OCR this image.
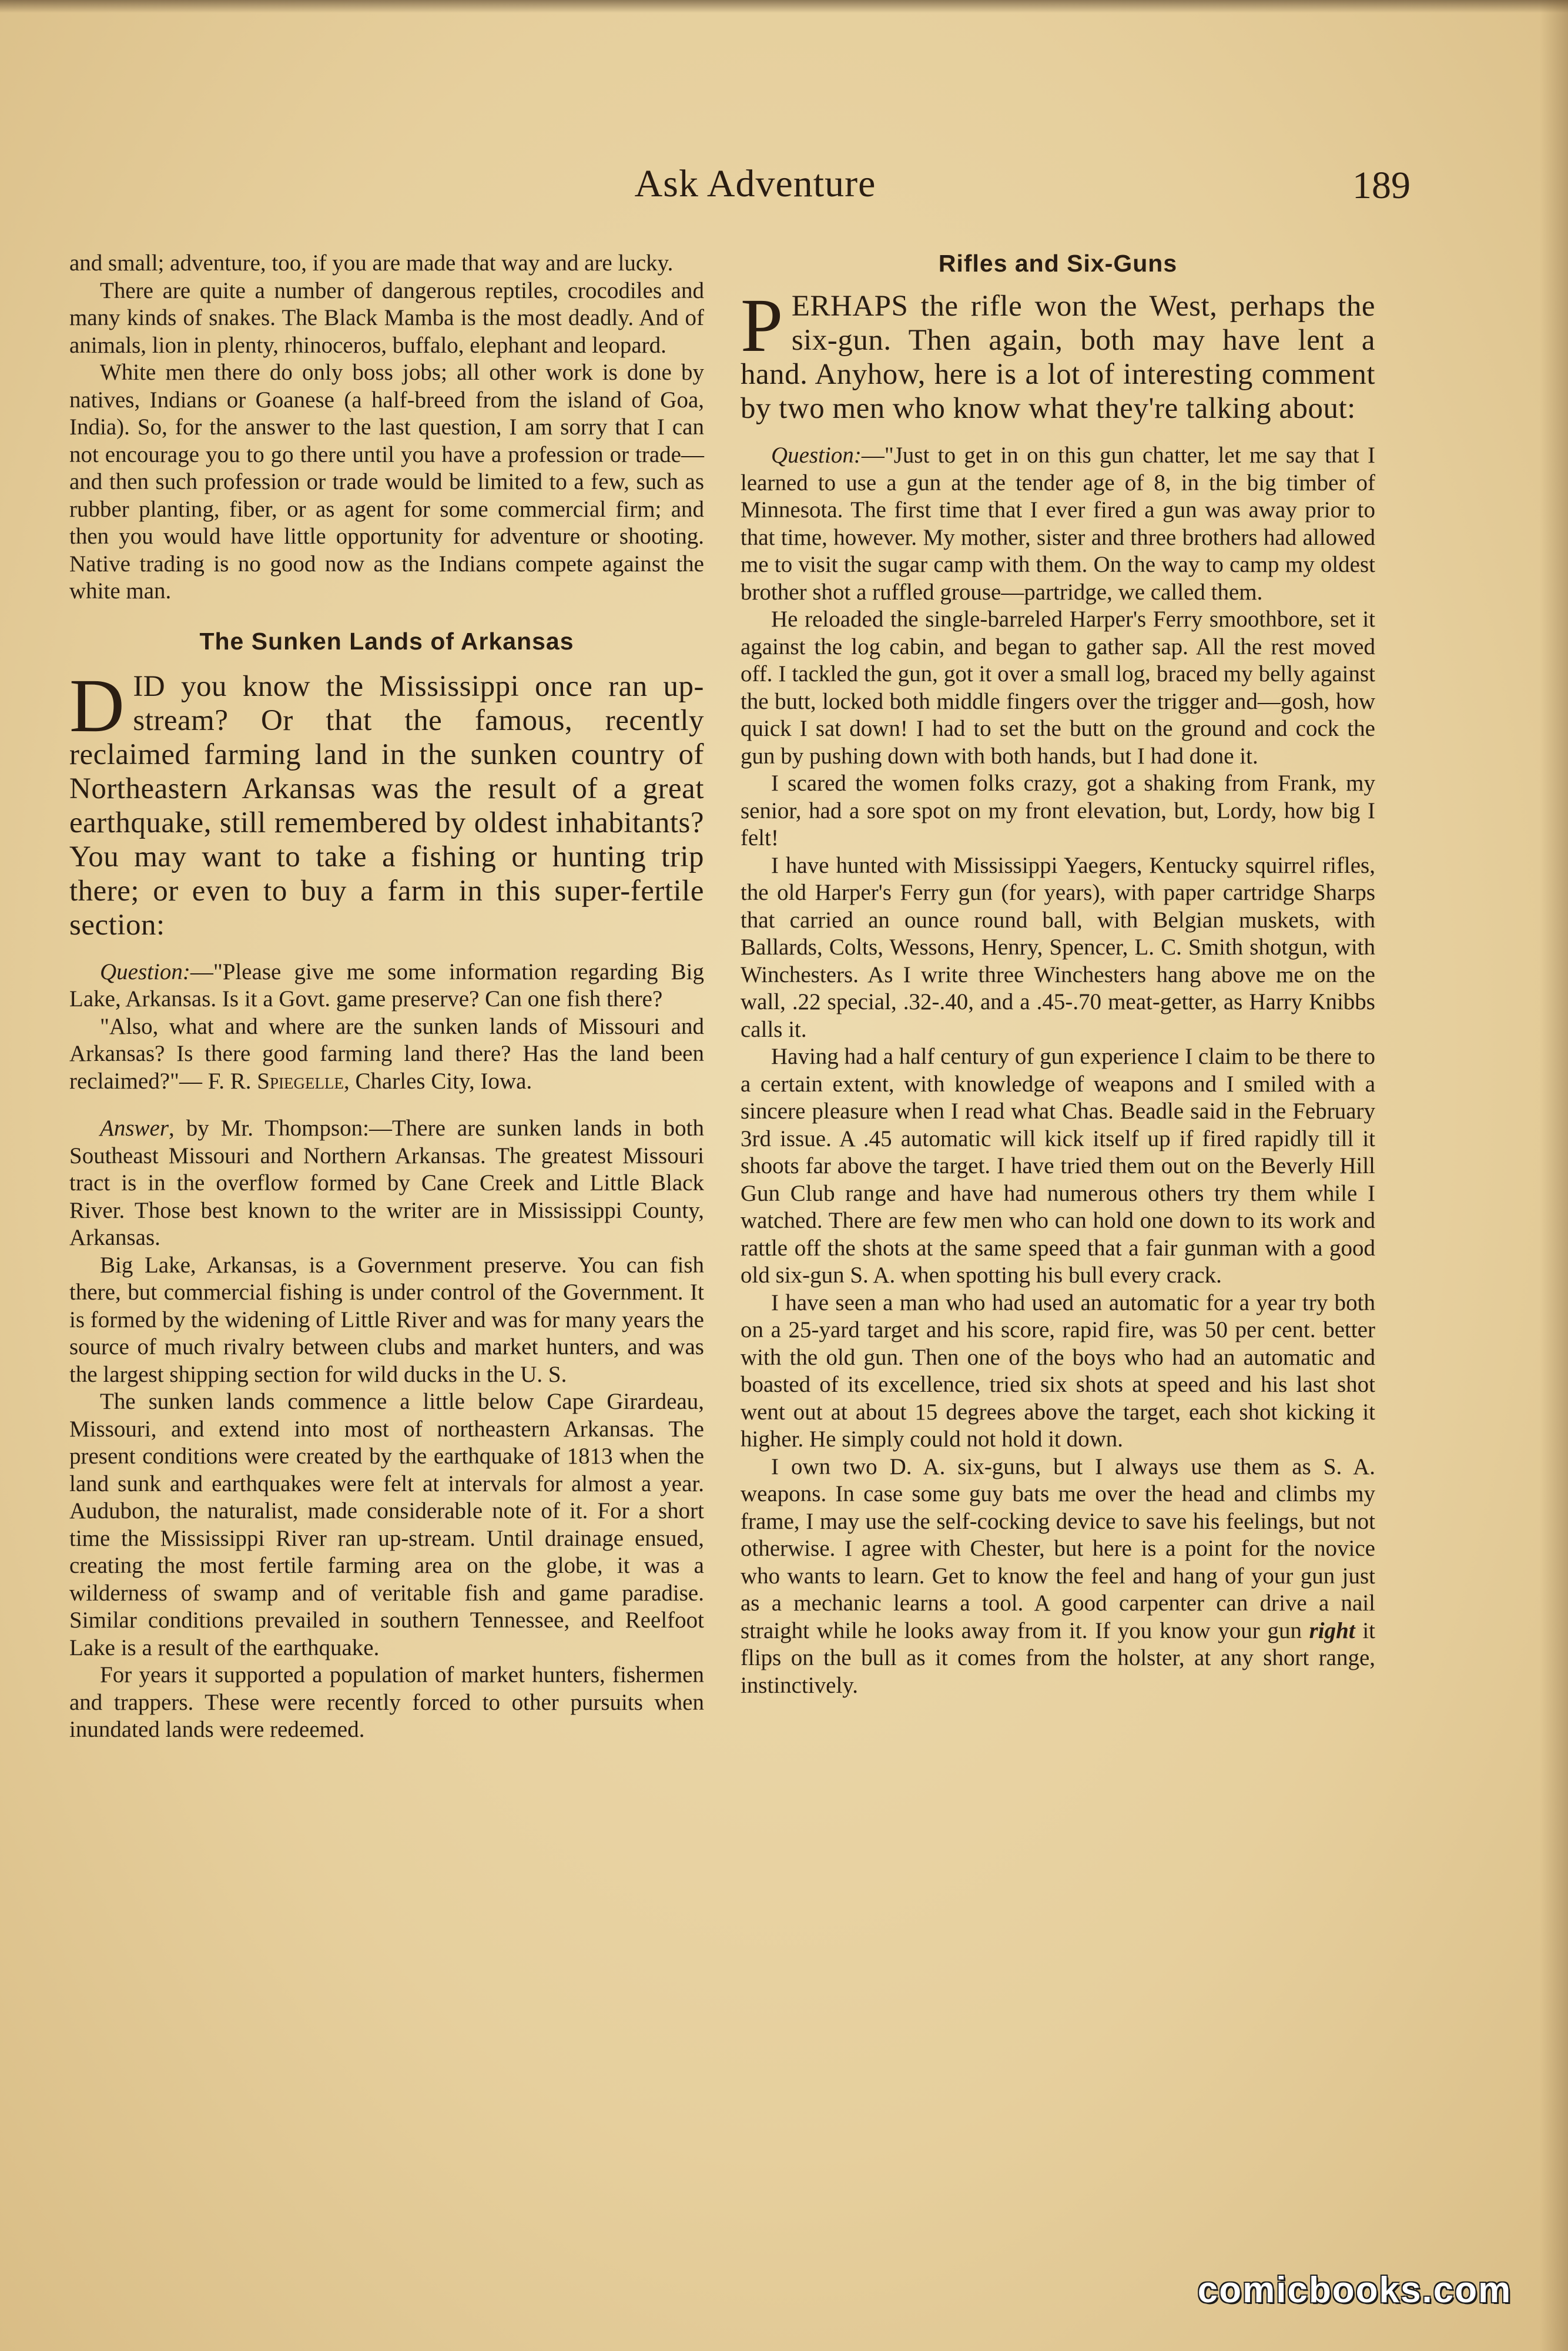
Ask Adventure	189

and small; adventure, too, if you are made that way and are lucky.

There are quite a number of dangerous reptiles, crocodiles and many kinds of snakes. The Black Mamba is the most deadly. And of animals, lion in plenty, rhinoceros, buffalo, elephant and leopard.

White men there do only boss jobs; all other work is done by natives, Indians or Goanese (a half-breed from the island of Goa, India). So, for the answer to the last question, I am sorry that I can not encourage you to go there until you have a profession or trade—and then such profession or trade would be limited to a few, such as rubber planting, fiber, or as agent for some commercial firm; and then you would have little opportunity for adventure or shooting. Native trading is no good now as the Indians compete against the white man.

The Sunken Lands of Arkansas

DID you know the Mississippi once ran up-stream? Or that the famous, recently reclaimed farming land in the sunken country of Northeastern Arkansas was the result of a great earthquake, still remembered by oldest inhabitants? You may want to take a fishing or hunting trip there; or even to buy a farm in this super-fertile section:

Question:—"Please give me some information regarding Big Lake, Arkansas. Is it a Govt. game preserve? Can one fish there?

"Also, what and where are the sunken lands of Missouri and Arkansas? Is there good farming land there? Has the land been reclaimed?"— F. R. Spiegelle, Charles City, Iowa.

Answer, by Mr. Thompson:—There are sunken lands in both Southeast Missouri and Northern Arkansas. The greatest Missouri tract is in the overflow formed by Cane Creek and Little Black River. Those best known to the writer are in Mississippi County, Arkansas.

Big Lake, Arkansas, is a Government preserve. You can fish there, but commercial fishing is under control of the Government. It is formed by the widening of Little River and was for many years the source of much rivalry between clubs and market hunters, and was the largest shipping section for wild ducks in the U. S.

The sunken lands commence a little below Cape Girardeau, Missouri, and extend into most of northeastern Arkansas. The present conditions were created by the earthquake of 1813 when the land sunk and earthquakes were felt at intervals for almost a year. Audubon, the naturalist, made considerable note of it. For a short time the Mississippi River ran up-stream. Until drainage ensued, creating the most fertile farming area on the globe, it was a wilderness of swamp and of veritable fish and game paradise. Similar conditions prevailed in southern Tennessee, and Reelfoot Lake is a result of the earthquake.

For years it supported a population of market hunters, fishermen and trappers. These were recently forced to other pursuits when inundated lands were redeemed.

Rifles and Six-Guns

PERHAPS the rifle won the West, perhaps the six-gun. Then again, both may have lent a hand. Anyhow, here is a lot of interesting comment by two men who know what they're talking about:

Question:—"Just to get in on this gun chatter, let me say that I learned to use a gun at the tender age of 8, in the big timber of Minnesota. The first time that I ever fired a gun was away prior to that time, however. My mother, sister and three brothers had allowed me to visit the sugar camp with them. On the way to camp my oldest brother shot a ruffled grouse—partridge, we called them.

He reloaded the single-barreled Harper's Ferry smoothbore, set it against the log cabin, and began to gather sap. All the rest moved off. I tackled the gun, got it over a small log, braced my belly against the butt, locked both middle fingers over the trigger and—gosh, how quick I sat down! I had to set the butt on the ground and cock the gun by pushing down with both hands, but I had done it.

I scared the women folks crazy, got a shaking from Frank, my senior, had a sore spot on my front elevation, but, Lordy, how big I felt!

I have hunted with Mississippi Yaegers, Kentucky squirrel rifles, the old Harper's Ferry gun (for years), with paper cartridge Sharps that carried an ounce round ball, with Belgian muskets, with Ballards, Colts, Wessons, Henry, Spencer, L. C. Smith shotgun, with Winchesters. As I write three Winchesters hang above me on the wall, .22 special, .32-.40, and a .45-.70 meat-getter, as Harry Knibbs calls it.

Having had a half century of gun experience I claim to be there to a certain extent, with knowledge of weapons and I smiled with a sincere pleasure when I read what Chas. Beadle said in the February 3rd issue. A .45 automatic will kick itself up if fired rapidly till it shoots far above the target. I have tried them out on the Beverly Hill Gun Club range and have had numerous others try them while I watched. There are few men who can hold one down to its work and rattle off the shots at the same speed that a fair gunman with a good old six-gun S. A. when spotting his bull every crack.

I have seen a man who had used an automatic for a year try both on a 25-yard target and his score, rapid fire, was 50 per cent. better with the old gun. Then one of the boys who had an automatic and boasted of its excellence, tried six shots at speed and his last shot went out at about 15 degrees above the target, each shot kicking it higher. He simply could not hold it down.

I own two D. A. six-guns, but I always use them as S. A. weapons. In case some guy bats me over the head and climbs my frame, I may use the self-cocking device to save his feelings, but not otherwise. I agree with Chester, but here is a point for the novice who wants to learn. Get to know the feel and hang of your gun just as a mechanic learns a tool. A good carpenter can drive a nail straight while he looks away from it. If you know your gun right it flips on the bull as it comes from the holster, at any short range, instinctively.

comicbooks.com
